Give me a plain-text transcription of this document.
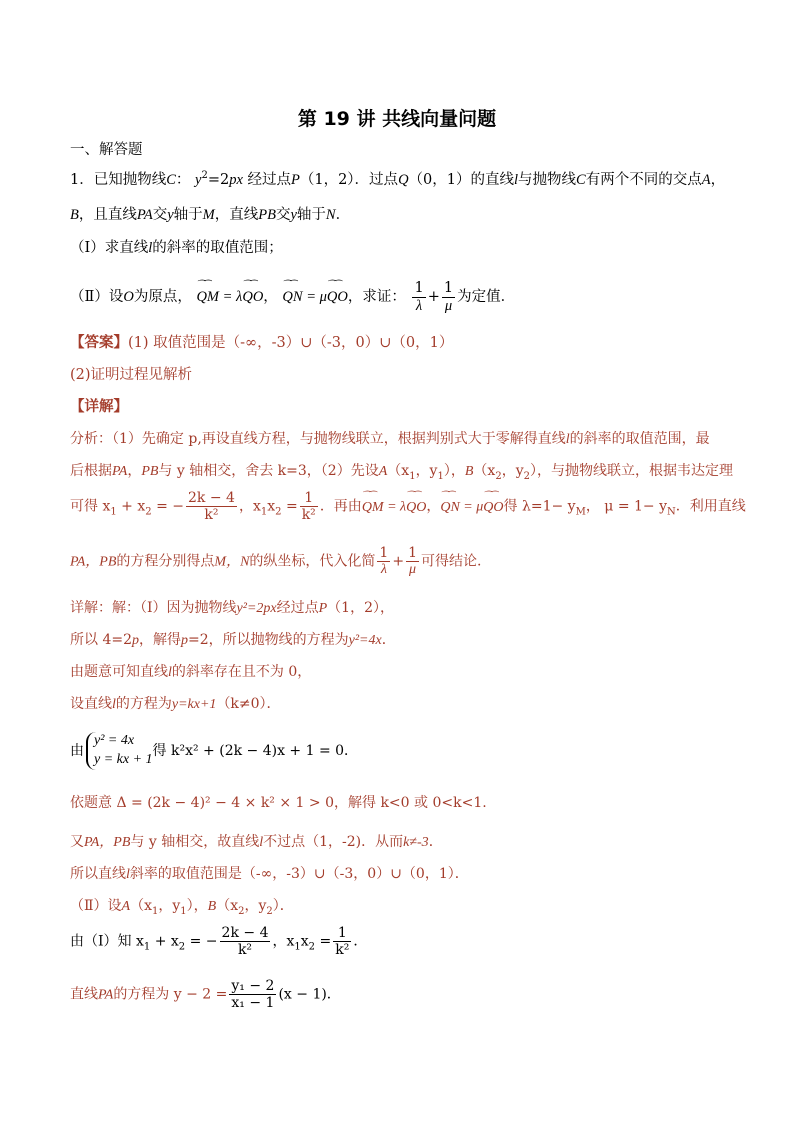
第 19 讲 共线向量问题
一、解答题
1．已知抛物线C： $y^2=2px$ 经过点P（1，2）．过点Q（0，1）的直线l与抛物线C有两个不同的交点A，
B，且直线PA交y轴于M，直线PB交y轴于N．
（Ⅰ）求直线l的斜率的取值范围；
（Ⅱ）设O为原点， ⁀⁀ QM = λ⁀⁀ QO， ⁀⁀ QN = μ⁀⁀ QO，求证： $\frac{1}{\lambda} + \frac{1}{\mu}$ 为定值．
【答案】(1) 取值范围是（-∞，-3）∪（-3，0）∪（0，1）
(2)证明过程见解析
【详解】
分析：（1）先确定 p,再设直线方程，与抛物线联立，根据判别式大于零解得直线l的斜率的取值范围，最
后根据PA，PB与 y 轴相交，舍去 k=3，（2）先设$A(x_1$，$y_1$），$B(x_2$，$y_2$），与抛物线联立，根据韦达定理
可得 $x_1 + x_2$ = − $\frac{2k - 4}{\text{k²}}$ ，$x_1x_2 = \frac{1}{\text{k²}}$ ．再由⁀⁀ QM = λ⁀⁀ QO，⁀⁀ QN = μ⁀⁀ QO得 $\lambda=1- y_M$， $\mu = 1- y_N$．利用直线
PA，PB的方程分别得点M，N的纵坐标，代入化简 $\frac{1}{\lambda} + \frac{1}{\mu}$ 可得结论.
详解：解：（Ⅰ）因为抛物线y²=2px经过点P（1，2），
所以 4=2p，解得p=2，所以抛物线的方程为y²=4x．
由题意可知直线l的斜率存在且不为 0，
设直线l的方程为y=kx+1（k≠0）．
由
y² = 4x
y = kx + 1
得 k²x² + (2k − 4)x + 1 = 0．
依题意 Δ = (2k − 4)² − 4 × k² × 1 > 0，解得 k<0 或 0<k<1.
又PA，PB与 y 轴相交，故直线l不过点（1，-2)．从而k≠-3．
所以直线l斜率的取值范围是（-∞，-3）∪（-3，0）∪（0，1）．
（Ⅱ）设$A(x_1$，$y_1$），$B(x_2$，$y_2$）．
由（I）知 $x_1 + x_2$ = − $\frac{2k - 4}{\text{k²}}$ ，$x_1x_2 = \frac{1}{\text{k²}}$ ．
直线PA的方程为 $y - 2 = \frac{\text{y₁ − 2}}{\text{x₁ − 1}} (x - 1)$．
